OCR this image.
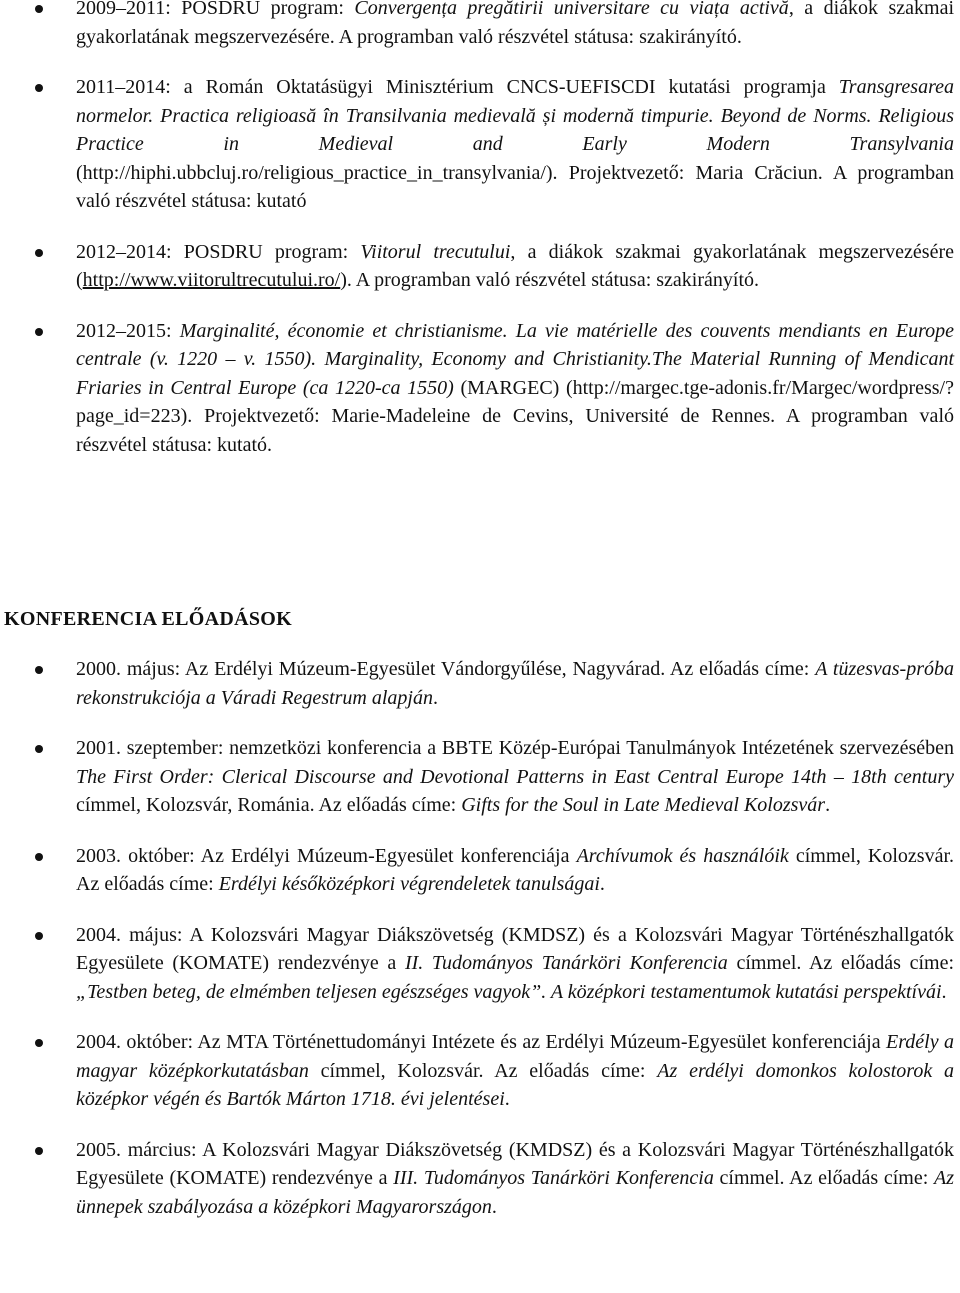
2009–2011: POSDRU program: Convergența pregătirii universitare cu viața activă, a diákok szakmai gyakorlatának megszervezésére. A programban való részvétel státusa: szakirányító.
2011–2014: a Román Oktatásügyi Minisztérium CNCS-UEFISCDI kutatási programja Transgresarea normelor. Practica religioasă în Transilvania medievală și modernă timpurie. Beyond de Norms. Religious Practice in Medieval and Early Modern Transylvania (http://hiphi.ubbcluj.ro/religious_practice_in_transylvania/). Projektvezető: Maria Crăciun. A programban való részvétel státusa: kutató
2012–2014: POSDRU program: Viitorul trecutului, a diákok szakmai gyakorlatának megszervezésére (http://www.viitorultrecutului.ro/). A programban való részvétel státusa: szakirányító.
2012–2015: Marginalité, économie et christianisme. La vie matérielle des couvents mendiants en Europe centrale (v. 1220 – v. 1550). Marginality, Economy and Christianity.The Material Running of Mendicant Friaries in Central Europe (ca 1220-ca 1550) (MARGEC) (http://margec.tge-adonis.fr/Margec/wordpress/?page_id=223). Projektvezető: Marie-Madeleine de Cevins, Université de Rennes. A programban való részvétel státusa: kutató.
KONFERENCIA ELŐADÁSOK
2000. május: Az Erdélyi Múzeum-Egyesület Vándorgyűlése, Nagyvárad. Az előadás címe: A tüzesvas-próba rekonstrukciója a Váradi Regestrum alapján.
2001. szeptember: nemzetközi konferencia a BBTE Közép-Európai Tanulmányok Intézetének szervezésében The First Order: Clerical Discourse and Devotional Patterns in East Central Europe 14th – 18th century címmel, Kolozsvár, Románia. Az előadás címe: Gifts for the Soul in Late Medieval Kolozsvár.
2003. október: Az Erdélyi Múzeum-Egyesület konferenciája Archívumok és használóik címmel, Kolozsvár. Az előadás címe: Erdélyi későközépkori végrendeletek tanulságai.
2004. május: A Kolozsvári Magyar Diákszövetség (KMDSZ) és a Kolozsvári Magyar Történészhallgatók Egyesülete (KOMATE) rendezvénye a II. Tudományos Tanárköri Konferencia címmel. Az előadás címe: „Testben beteg, de elmémben teljesen egészséges vagyok”. A középkori testamentumok kutatási perspektívái.
2004. október: Az MTA Történettudományi Intézete és az Erdélyi Múzeum-Egyesület konferenciája Erdély a magyar középkorkutatásban címmel, Kolozsvár. Az előadás címe: Az erdélyi domonkos kolostorok a középkor végén és Bartók Márton 1718. évi jelentései.
2005. március: A Kolozsvári Magyar Diákszövetség (KMDSZ) és a Kolozsvári Magyar Történészhallgatók Egyesülete (KOMATE) rendezvénye a III. Tudományos Tanárköri Konferencia címmel. Az előadás címe: Az ünnepek szabályozása a középkori Magyarországon.
